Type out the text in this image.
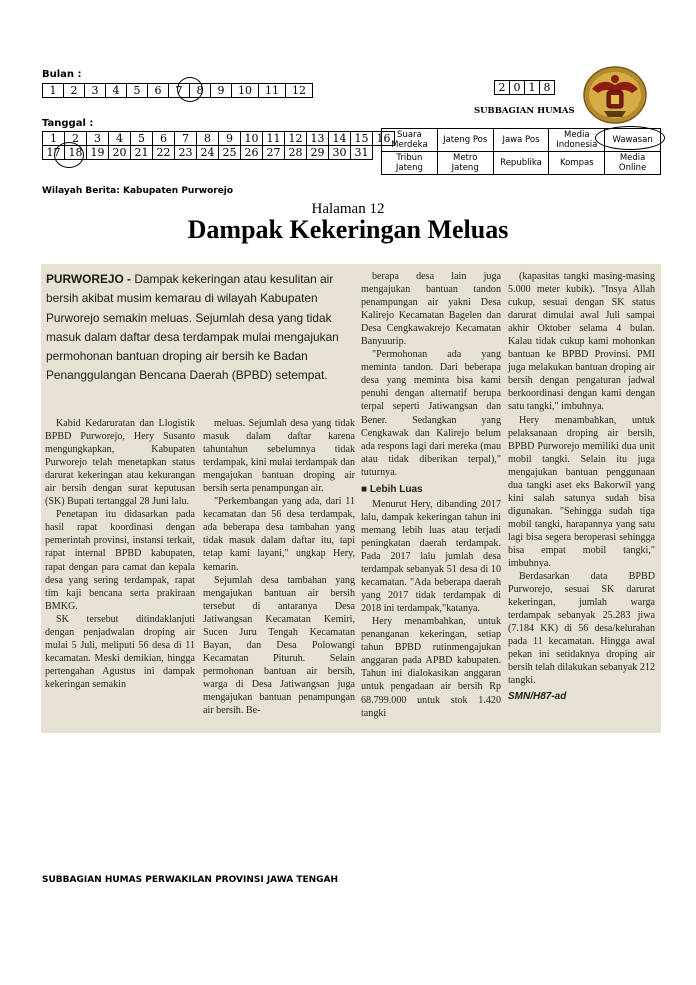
Bulan :
1	2	3	4	5	6	7	8	9	10	11	12
Tanggal :
1	2	3	4	5	6	7	8	9	10	11	12	13	14	15	16
17	18	19	20	21	22	23	24	25	26	27	28	29	30	31	
2	0	1	8
SUBBAGIAN HUMAS
Suara Merdeka	Jateng Pos	Jawa Pos	Media Indonesia	Wawasan
Tribun Jateng	Metro Jateng	Republika	Kompas	Media Online
Wilayah Berita: Kabupaten Purworejo
Halaman 12
Dampak Kekeringan Meluas
PURWOREJO - Dampak kekeringan atau kesulitan air bersih akibat musim kemarau di wilayah Kabupaten Purworejo semakin meluas. Sejumlah desa yang tidak masuk dalam daftar desa terdampak mulai mengajukan permohonan bantuan droping air bersih ke Badan Penanggulangan Bencana Daerah (BPBD) setempat.

Kabid Kedaruratan dan Llogistik BPBD Purworejo, Hery Susanto mengungkapkan, Kabupaten Purworejo telah menetapkan status darurat kekeringan atau kekurangan air bersih dengan surat keputusan (SK) Bupati tertanggal 28 Juni lalu.

Penetapan itu didasarkan pada hasil rapat koordinasi dengan pemerintah provinsi, instansi terkait, rapat internal BPBD kabupaten, rapat dengan para camat dan kepala desa yang sering terdampak, rapat tim kaji bencana serta prakiraan BMKG.

SK tersebut ditindaklanjuti dengan penjadwalan droping air mulai 5 Juli, meliputi 56 desa di 11 kecamatan. Meski demikian, hingga pertengahan Agustus ini dampak kekeringan semakin

meluas. Sejumlah desa yang tidak masuk dalam daftar karena tahuntahun sebelumnya tidak terdampak, kini mulai terdampak dan mengajukan bantuan droping air bersih serta penampungan air.

"Perkembangan yang ada, dari 11 kecamatan dan 56 desa terdampak, ada beberapa desa tambahan yang tidak masuk dalam daftar itu, tapi tetap kami layani," ungkap Hery, kemarin.

Sejumlah desa tambahan yang mengajukan bantuan air bersih tersebut di antaranya Desa Jatiwangsan Kecamatan Kemiri, Sucen Juru Tengah Kecamatan Bayan, dan Desa Polowangi Kecamatan Pituruh. Selain permohonan bantuan air bersih, warga di Desa Jatiwangsan juga mengajukan bantuan penampungan air bersih. Be-

berapa desa lain juga mengajukan bantuan tandon penampungan air yakni Desa Kalirejo Kecamatan Bagelen dan Desa Cengkawakrejo Kecamatan Banyuurip.

"Permohonan ada yang meminta tandon. Dari beberapa desa yang meminta bisa kami penuhi dengan alternatif berupa terpal seperti Jatiwangsan dan Bener. Sedangkan yang Cengkawak dan Kalirejo belum ada respons lagi dari mereka (mau atau tidak diberikan terpal)," tuturnya.

■ Lebih Luas

Menurut Hery, dibanding 2017 lalu, dampak kekeringan tahun ini memang lebih luas atau terjadi peningkatan daerah terdampak. Pada 2017 lalu jumlah desa terdampak sebanyak 51 desa di 10 kecamatan. "Ada beberapa daerah yang 2017 tidak terdampak di 2018 ini terdampak,"katanya.

Hery menambahkan, untuk penanganan kekeringan, setiap tahun BPBD rutinmengajukan anggaran pada APBD kabupaten. Tahun ini dialokasikan anggaran untuk pengadaan air bersih Rp 68.799.000 untuk stok 1.420 tangki

(kapasitas tangki masing-masing 5.000 meter kubik). "Insya Allah cukup, sesuai dengan SK status darurat dimulai awal Juli sampai akhir Oktober selama 4 bulan. Kalau tidak cukup kami mohonkan bantuan ke BPBD Provinsi. PMI juga melakukan bantuan droping air bersih dengan pengaturan jadwal berkoordinasi dengan kami dengan satu tangki," imbuhnya.

Hery menambahkan, untuk pelaksanaan droping air bersih, BPBD Purworejo memiliki dua unit mobil tangki. Selain itu juga mengajukan bantuan penggunaan dua tangki aset eks Bakorwil yang kini salah satunya sudah bisa digunakan. "Sehingga sudah tiga mobil tangki, harapannya yang satu lagi bisa segera beroperasi sehingga bisa empat mobil tangki," imbuhnya.

Berdasarkan data BPBD Purworejo, sesuai SK darurat kekeringan, jumlah warga terdampak sebanyak 25.283 jiwa (7.184 KK) di 56 desa/kelurahan pada 11 kecamatan. Hingga awal pekan ini setidaknya droping air bersih telah dilakukan sebanyak 212 tangki.

SMN/H87-ad
SUBBAGIAN HUMAS PERWAKILAN PROVINSI JAWA TENGAH
